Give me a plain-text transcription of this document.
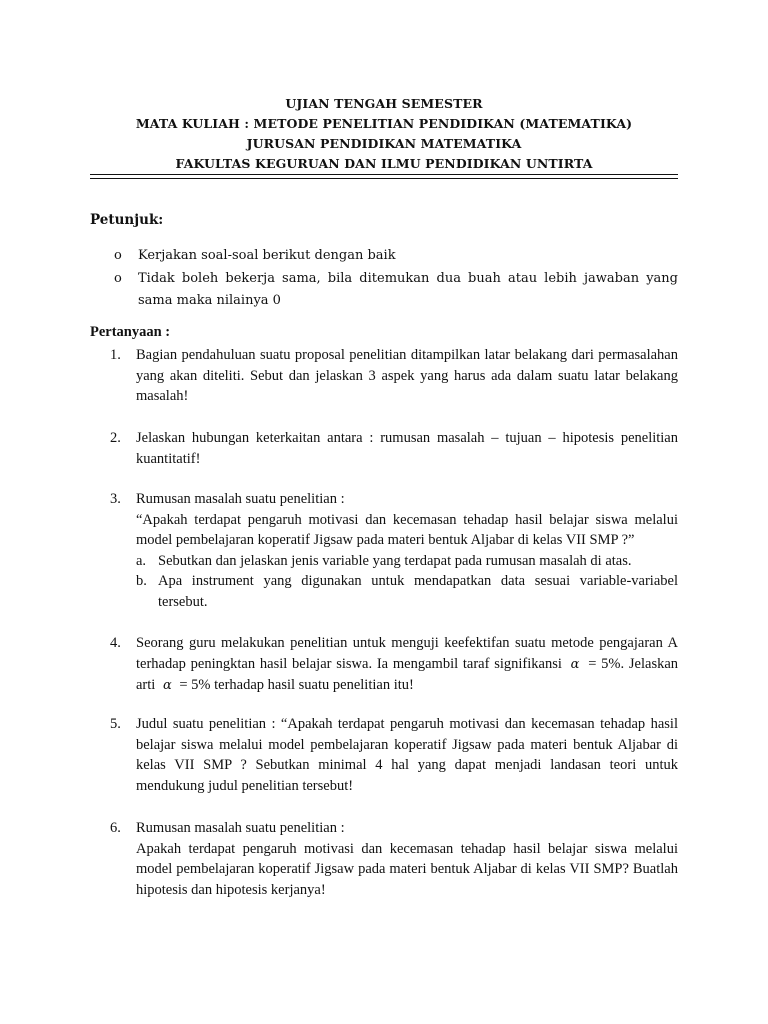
UJIAN TENGAH SEMESTER
MATA KULIAH : METODE PENELITIAN PENDIDIKAN (MATEMATIKA)
JURUSAN PENDIDIKAN MATEMATIKA
FAKULTAS KEGURUAN DAN ILMU PENDIDIKAN UNTIRTA
Petunjuk:
o Kerjakan soal-soal berikut dengan baik
o Tidak boleh bekerja sama, bila ditemukan dua buah atau lebih jawaban yang sama maka nilainya 0
Pertanyaan :
1. Bagian pendahuluan suatu proposal penelitian ditampilkan latar belakang dari permasalahan yang akan diteliti. Sebut dan jelaskan 3 aspek yang harus ada dalam suatu latar belakang masalah!
2. Jelaskan hubungan keterkaitan antara : rumusan masalah – tujuan – hipotesis penelitian kuantitatif!
3. Rumusan masalah suatu penelitian :
“Apakah terdapat pengaruh motivasi dan kecemasan tehadap hasil belajar siswa melalui model pembelajaran koperatif Jigsaw pada materi bentuk Aljabar di kelas VII SMP ?”
a. Sebutkan dan jelaskan jenis variable yang terdapat pada rumusan masalah di atas.
b. Apa instrument yang digunakan untuk mendapatkan data sesuai variable-variabel tersebut.
4. Seorang guru melakukan penelitian untuk menguji keefektifan suatu metode pengajaran A terhadap peningktan hasil belajar siswa. Ia mengambil taraf signifikansi α = 5%. Jelaskan arti α = 5% terhadap hasil suatu penelitian itu!
5. Judul suatu penelitian : “Apakah terdapat pengaruh motivasi dan kecemasan tehadap hasil belajar siswa melalui model pembelajaran koperatif Jigsaw pada materi bentuk Aljabar di kelas VII SMP ? Sebutkan minimal 4 hal yang dapat menjadi landasan teori untuk mendukung judul penelitian tersebut!
6. Rumusan masalah suatu penelitian :
Apakah terdapat pengaruh motivasi dan kecemasan tehadap hasil belajar siswa melalui model pembelajaran koperatif Jigsaw pada materi bentuk Aljabar di kelas VII SMP? Buatlah hipotesis dan hipotesis kerjanya!
